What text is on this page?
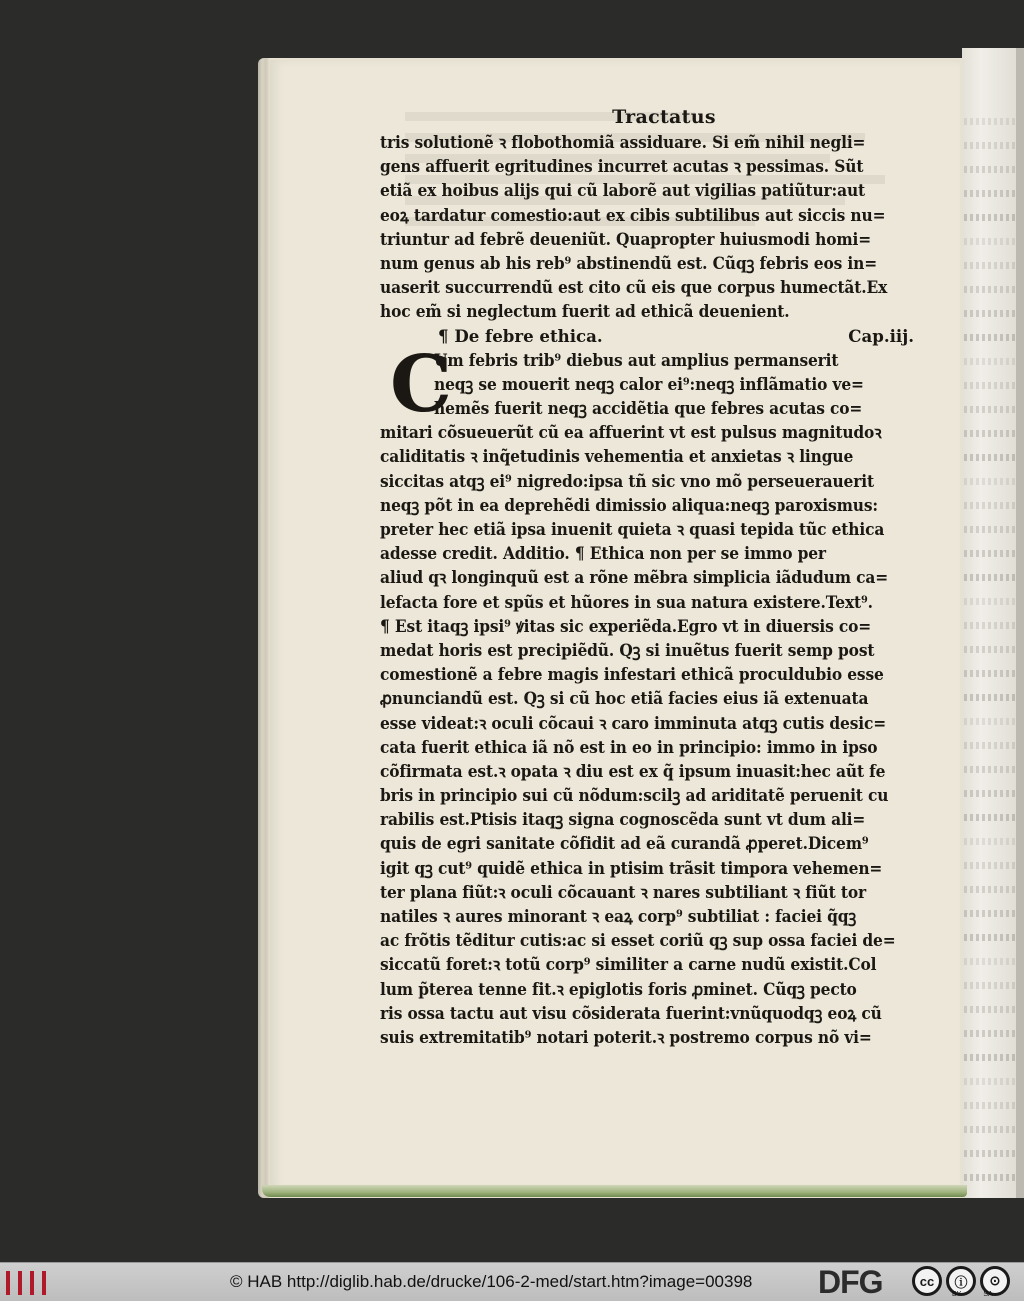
Tractatus
tris solutionẽ ꝛ flobothomiã assiduare. Si em̃ nihil negli=
gens affuerit egritudines incurret acutas ꝛ pessimas. Sũt
etiã ex hoibus alijs qui cũ laborẽ aut vigilias patiũtur:aut
eoꝝ tardatur comestio:aut ex cibis subtilibus aut siccis nu=
triuntur ad febrẽ deueniũt. Quapropter huiusmodi homi=
num genus ab his reb⁹ abstinendũ est. Cũqꝫ febris eos in=
uaserit succurrendũ est cito cũ eis que corpus humectãt.Ex
hoc em̃ si neglectum fuerit ad ethicã deuenient.
¶ De febre ethica.	Cap.iij.
C
Um febris trib⁹ diebus aut amplius permanserit
neqꝫ se mouerit neqꝫ calor ei⁹:neqꝫ inflãmatio ve=
hemẽs fuerit neqꝫ accidẽtia que febres acutas co=
mitari cõsueuerũt cũ ea affuerint vt est pulsus magnitudoꝛ
caliditatis ꝛ inq̃etudinis vehementia et anxietas ꝛ lingue
siccitas atqꝫ ei⁹ nigredo:ipsa tñ sic vno mõ perseuerauerit
neqꝫ põt in ea deprehẽdi dimissio aliqua:neqꝫ paroxismus:
preter hec etiã ipsa inuenit quieta ꝛ quasi tepida tũc ethica
adesse credit. Additio. ¶ Ethica non per se immo per
aliud qꝛ longinquũ est a rõne mẽbra simplicia iãdudum ca=
lefacta fore et spũs et hũores in sua natura existere.Text⁹.
¶ Est itaqꝫ ipsi⁹ ꝟitas sic experiẽda.Egro vt in diuersis co=
medat horis est precipiẽdũ. Qꝫ si inuẽtus fuerit semp post
comestionẽ a febre magis infestari ethicã proculdubio esse
ꝓnunciandũ est. Qꝫ si cũ hoc etiã facies eius iã extenuata
esse videat:ꝛ oculi cõcaui ꝛ caro imminuta atqꝫ cutis desic=
cata fuerit ethica iã nõ est in eo in principio: immo in ipso
cõfirmata est.ꝛ opata ꝛ diu est ex q̃ ipsum inuasit:hec aũt fe
bris in principio sui cũ nõdum:scilꝫ ad ariditatẽ peruenit cu
rabilis est.Ptisis itaqꝫ signa cognoscẽda sunt vt dum ali=
quis de egri sanitate cõfidit ad eã curandã ꝓperet.Dicem⁹
igit qꝫ cut⁹ quidẽ ethica in ptisim trãsit timpora vehemen=
ter plana fiũt:ꝛ oculi cõcauant ꝛ nares subtiliant ꝛ fiũt tor
natiles ꝛ aures minorant ꝛ eaꝝ corp⁹ subtiliat : faciei q̃qꝫ
ac frõtis tẽditur cutis:ac si esset coriũ qꝫ sup ossa faciei de=
siccatũ foret:ꝛ totũ corp⁹ similiter a carne nudũ existit.Col
lum p̃terea tenne fit.ꝛ epiglotis foris ꝓminet. Cũqꝫ pecto
ris ossa tactu aut visu cõsiderata fuerint:vnũquodqꝫ eoꝝ cũ
suis extremitatib⁹ notari poterit.ꝛ postremo corpus nõ vi=
© HAB http://diglib.hab.de/drucke/106-2-med/start.htm?image=00398 DFG	cc	ⓘ	⊙
BY	SA
